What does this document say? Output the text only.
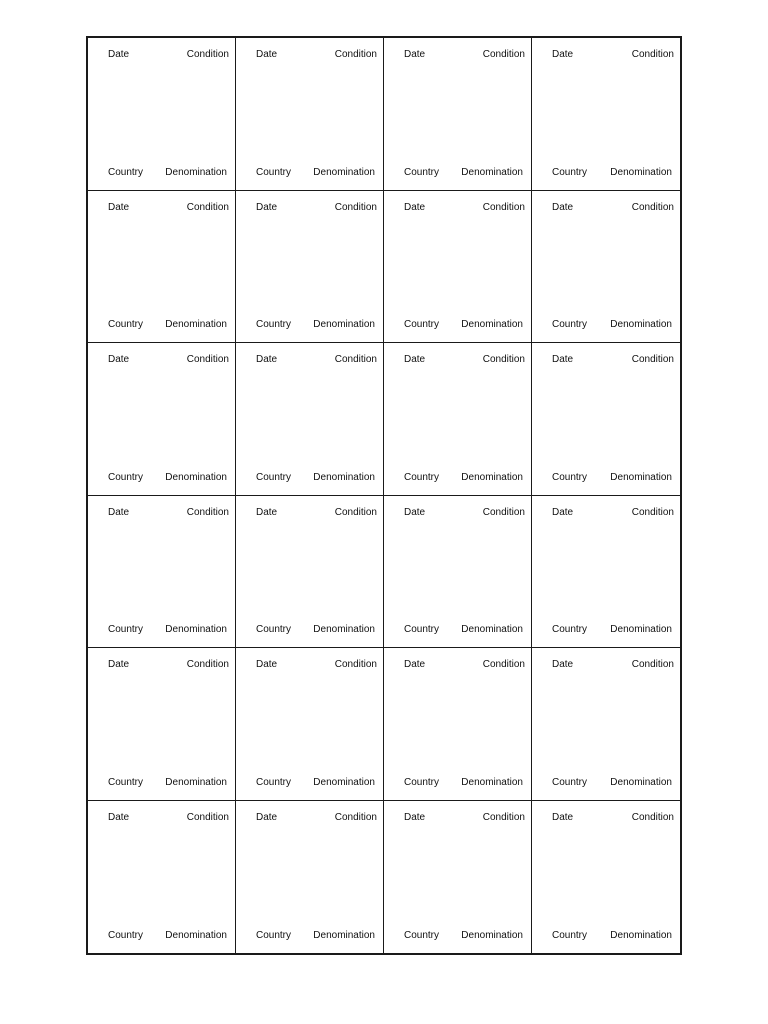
Date	Condition
Country Denomination
Date	Condition
Country Denomination
Date	Condition
Country Denomination
Date	Condition
Country Denomination
Date	Condition
Country Denomination
Date	Condition
Country Denomination
Date	Condition
Country Denomination
Date	Condition
Country Denomination
Date	Condition
Country Denomination
Date	Condition
Country Denomination
Date	Condition
Country Denomination
Date	Condition
Country Denomination
Date	Condition
Country Denomination
Date	Condition
Country Denomination
Date	Condition
Country Denomination
Date	Condition
Country Denomination
Date	Condition
Country Denomination
Date	Condition
Country Denomination
Date	Condition
Country Denomination
Date	Condition
Country Denomination
Date	Condition
Country Denomination
Date	Condition
Country Denomination
Date	Condition
Country Denomination
Date	Condition
Country Denomination
